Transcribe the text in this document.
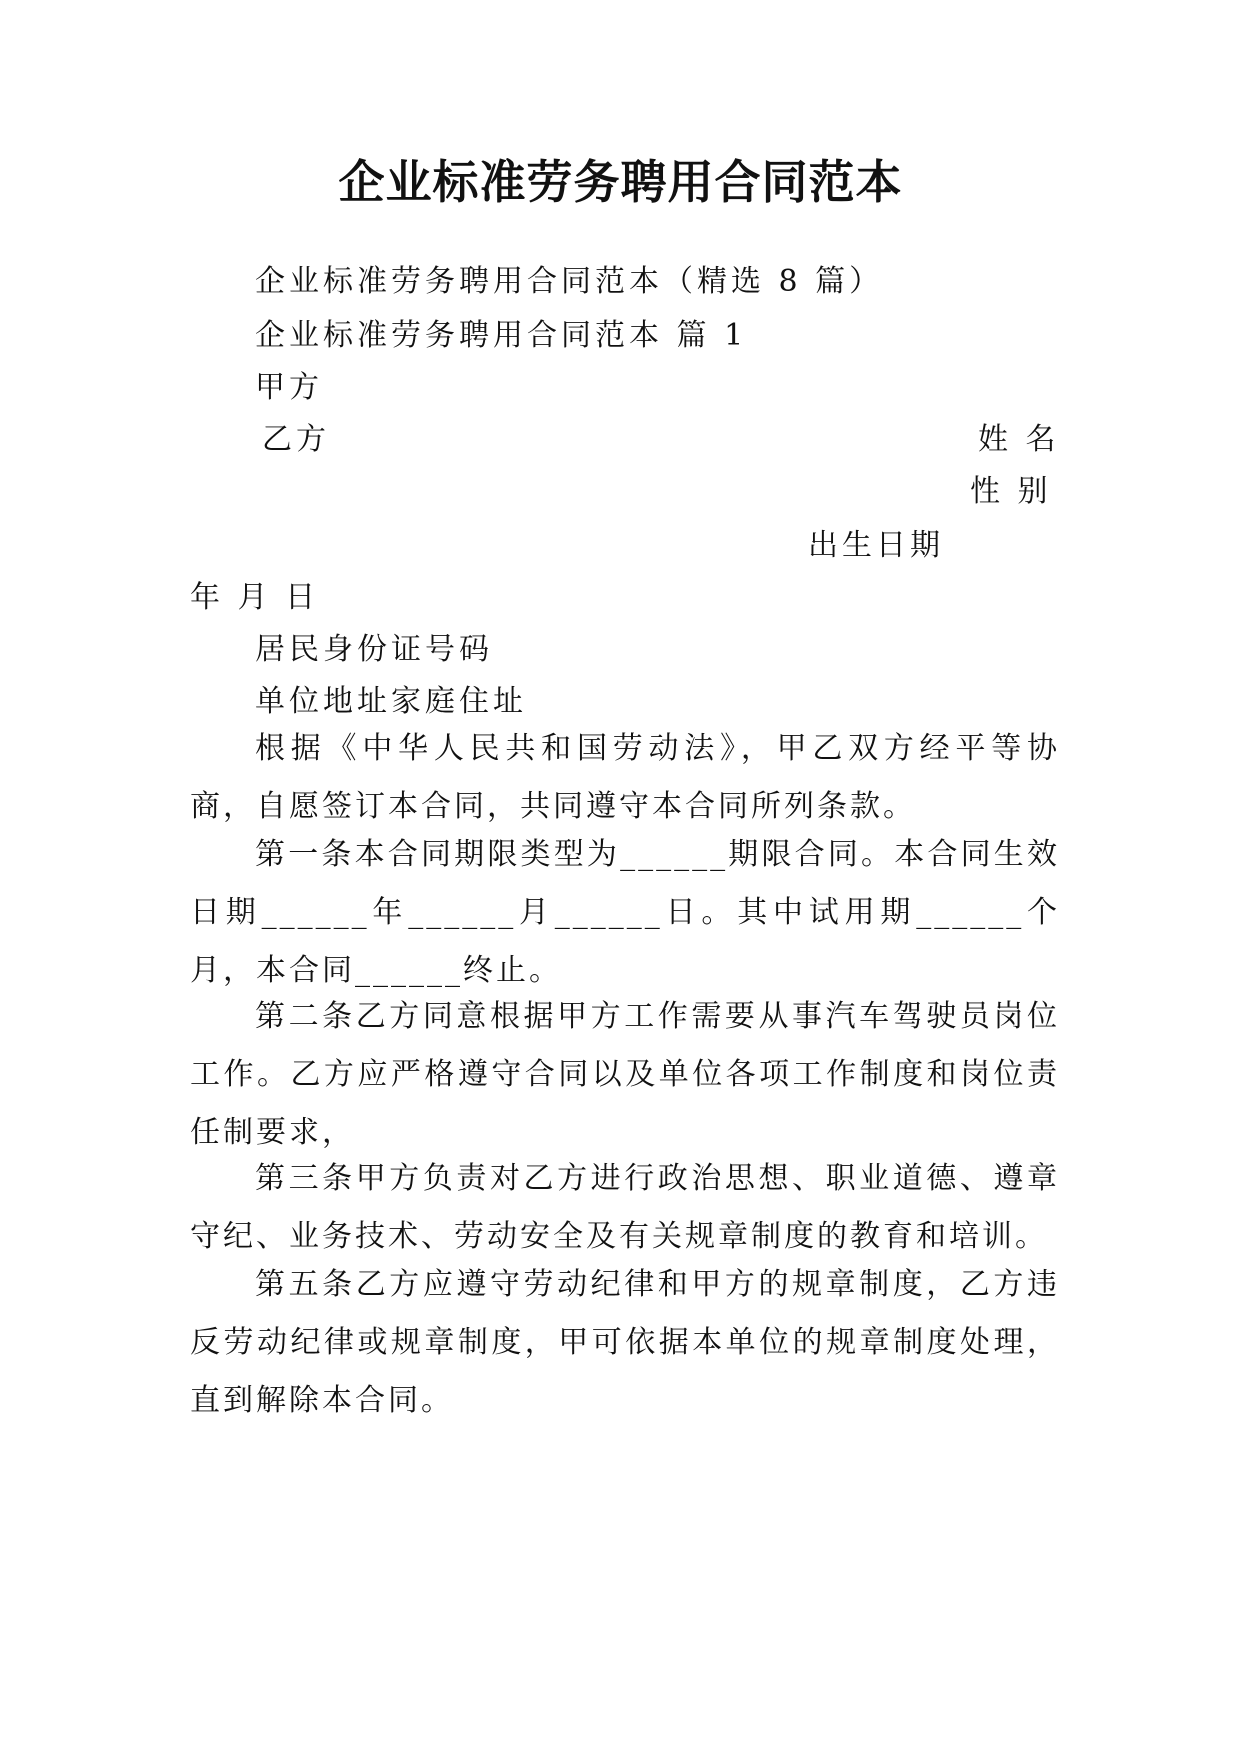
企业标准劳务聘用合同范本
企业标准劳务聘用合同范本（精选 8 篇）
企业标准劳务聘用合同范本 篇 1
甲方
乙方	姓 名
性 别
出生日期
年 月 日
居民身份证号码
单位地址家庭住址

根据《中华人民共和国劳动法》，甲乙双方经平等协商，自愿签订本合同，共同遵守本合同所列条款。

第一条本合同期限类型为______期限合同。本合同生效日期______年______月______日。其中试用期______个月，本合同______终止。

第二条乙方同意根据甲方工作需要从事汽车驾驶员岗位工作。乙方应严格遵守合同以及单位各项工作制度和岗位责任制要求，

第三条甲方负责对乙方进行政治思想、职业道德、遵章守纪、业务技术、劳动安全及有关规章制度的教育和培训。

第五条乙方应遵守劳动纪律和甲方的规章制度，乙方违反劳动纪律或规章制度，甲可依据本单位的规章制度处理，直到解除本合同。
